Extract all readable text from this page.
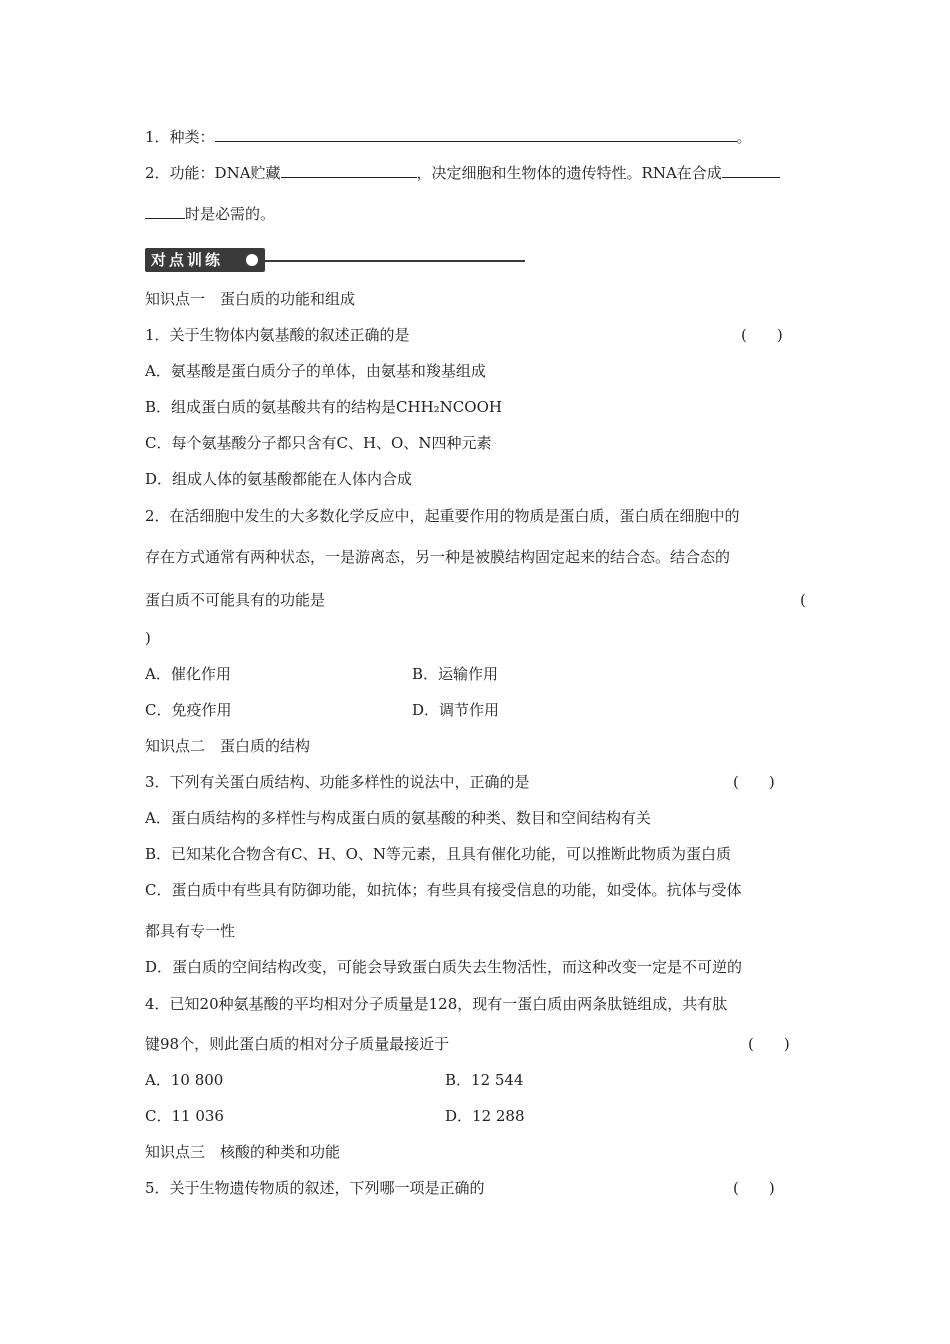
1．种类：	。
2．功能：DNA贮藏	，决定细胞和生物体的遗传特性。RNA在合成
时是必需的。
对点训练
知识点一　蛋白质的功能和组成
1．关于生物体内氨基酸的叙述正确的是	(　　)
A．氨基酸是蛋白质分子的单体，由氨基和羧基组成
B．组成蛋白质的氨基酸共有的结构是CHH₂NCOOH
C．每个氨基酸分子都只含有C、H、O、N四种元素
D．组成人体的氨基酸都能在人体内合成
2．在活细胞中发生的大多数化学反应中，起重要作用的物质是蛋白质，蛋白质在细胞中的
存在方式通常有两种状态，一是游离态，另一种是被膜结构固定起来的结合态。结合态的
蛋白质不可能具有的功能是	(
)
A．催化作用	B．运输作用
C．免疫作用	D．调节作用
知识点二　蛋白质的结构
3．下列有关蛋白质结构、功能多样性的说法中，正确的是	(　　)
A．蛋白质结构的多样性与构成蛋白质的氨基酸的种类、数目和空间结构有关
B．已知某化合物含有C、H、O、N等元素，且具有催化功能，可以推断此物质为蛋白质
C．蛋白质中有些具有防御功能，如抗体；有些具有接受信息的功能，如受体。抗体与受体
都具有专一性
D．蛋白质的空间结构改变，可能会导致蛋白质失去生物活性，而这种改变一定是不可逆的
4．已知20种氨基酸的平均相对分子质量是128，现有一蛋白质由两条肽链组成，共有肽
键98个，则此蛋白质的相对分子质量最接近于	(　　)
A．10 800	B．12 544
C．11 036	D．12 288
知识点三　核酸的种类和功能
5．关于生物遗传物质的叙述，下列哪一项是正确的	(　　)
